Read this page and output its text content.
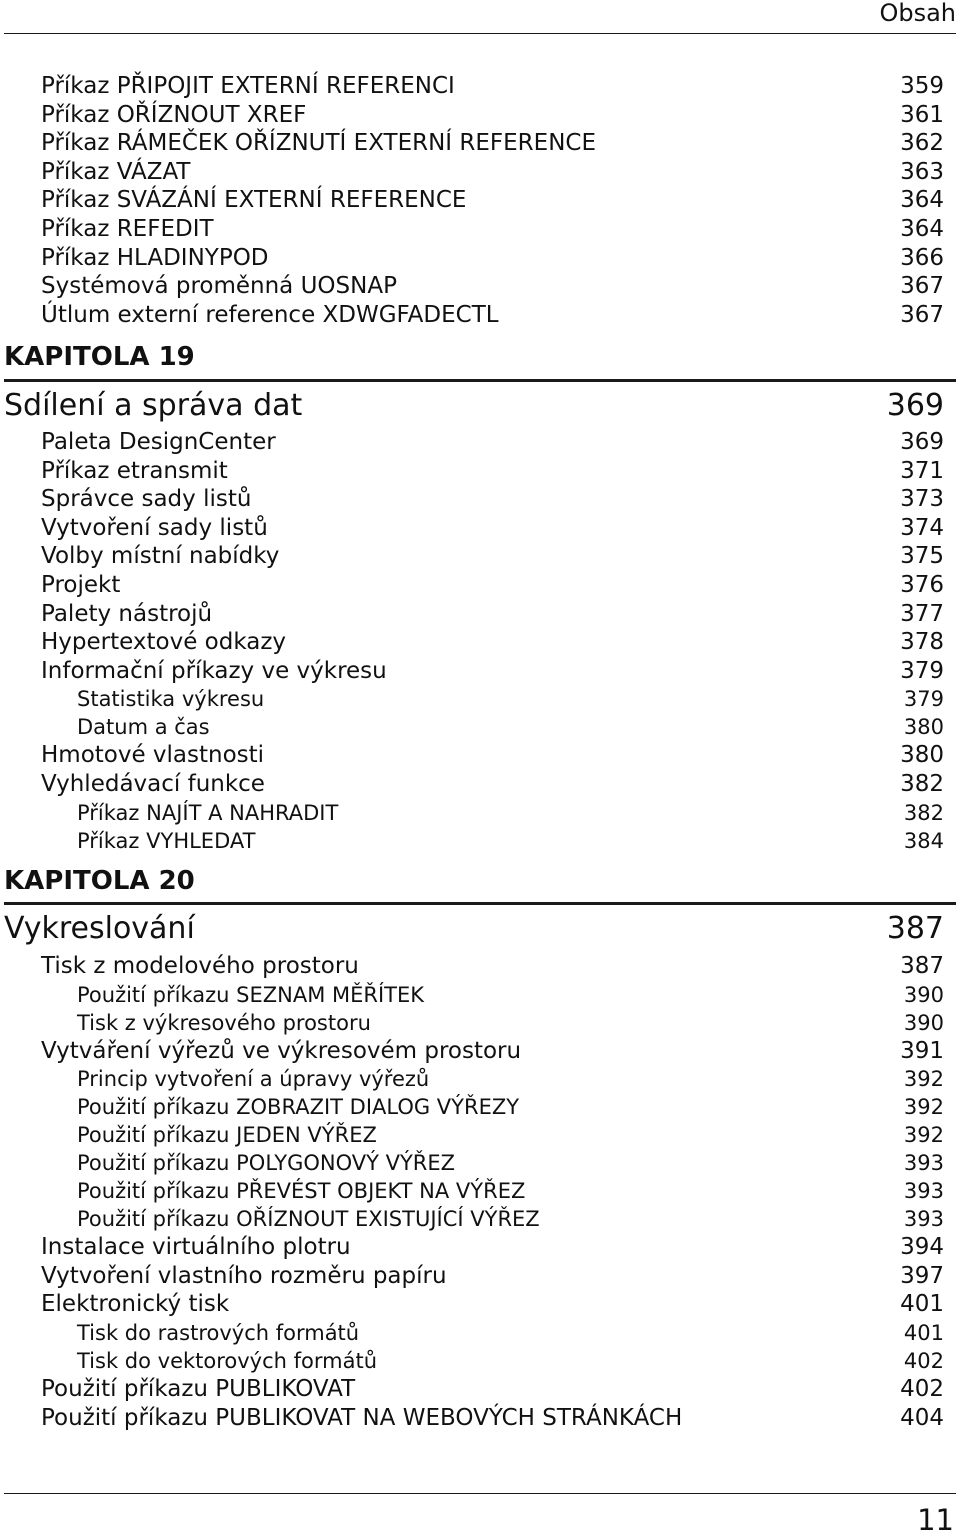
Obsah
Příkaz PŘIPOJIT EXTERNÍ REFERENCI	359
Příkaz OŘÍZNOUT XREF	361
Příkaz RÁMEČEK OŘÍZNUTÍ EXTERNÍ REFERENCE	362
Příkaz VÁZAT	363
Příkaz SVÁZÁNÍ EXTERNÍ REFERENCE	364
Příkaz REFEDIT	364
Příkaz HLADINYPOD	366
Systémová proměnná UOSNAP	367
Útlum externí reference XDWGFADECTL	367
KAPITOLA 19
Sdílení a správa dat	369
Paleta DesignCenter	369
Příkaz etransmit	371
Správce sady listů	373
Vytvoření sady listů	374
Volby místní nabídky	375
Projekt	376
Palety nástrojů	377
Hypertextové odkazy	378
Informační příkazy ve výkresu	379
Statistika výkresu	379
Datum a čas	380
Hmotové vlastnosti	380
Vyhledávací funkce	382
Příkaz NAJÍT A NAHRADIT	382
Příkaz VYHLEDAT	384
KAPITOLA 20
Vykreslování	387
Tisk z modelového prostoru	387
Použití příkazu SEZNAM MĚŘÍTEK	390
Tisk z výkresového prostoru	390
Vytváření výřezů ve výkresovém prostoru	391
Princip vytvoření a úpravy výřezů	392
Použití příkazu ZOBRAZIT DIALOG VÝŘEZY	392
Použití příkazu JEDEN VÝŘEZ	392
Použití příkazu POLYGONOVÝ VÝŘEZ	393
Použití příkazu PŘEVÉST OBJEKT NA VÝŘEZ	393
Použití příkazu OŘÍZNOUT EXISTUJÍCÍ VÝŘEZ	393
Instalace virtuálního plotru	394
Vytvoření vlastního rozměru papíru	397
Elektronický tisk	401
Tisk do rastrových formátů	401
Tisk do vektorových formátů	402
Použití příkazu PUBLIKOVAT	402
Použití příkazu PUBLIKOVAT NA WEBOVÝCH STRÁNKÁCH	404
11
